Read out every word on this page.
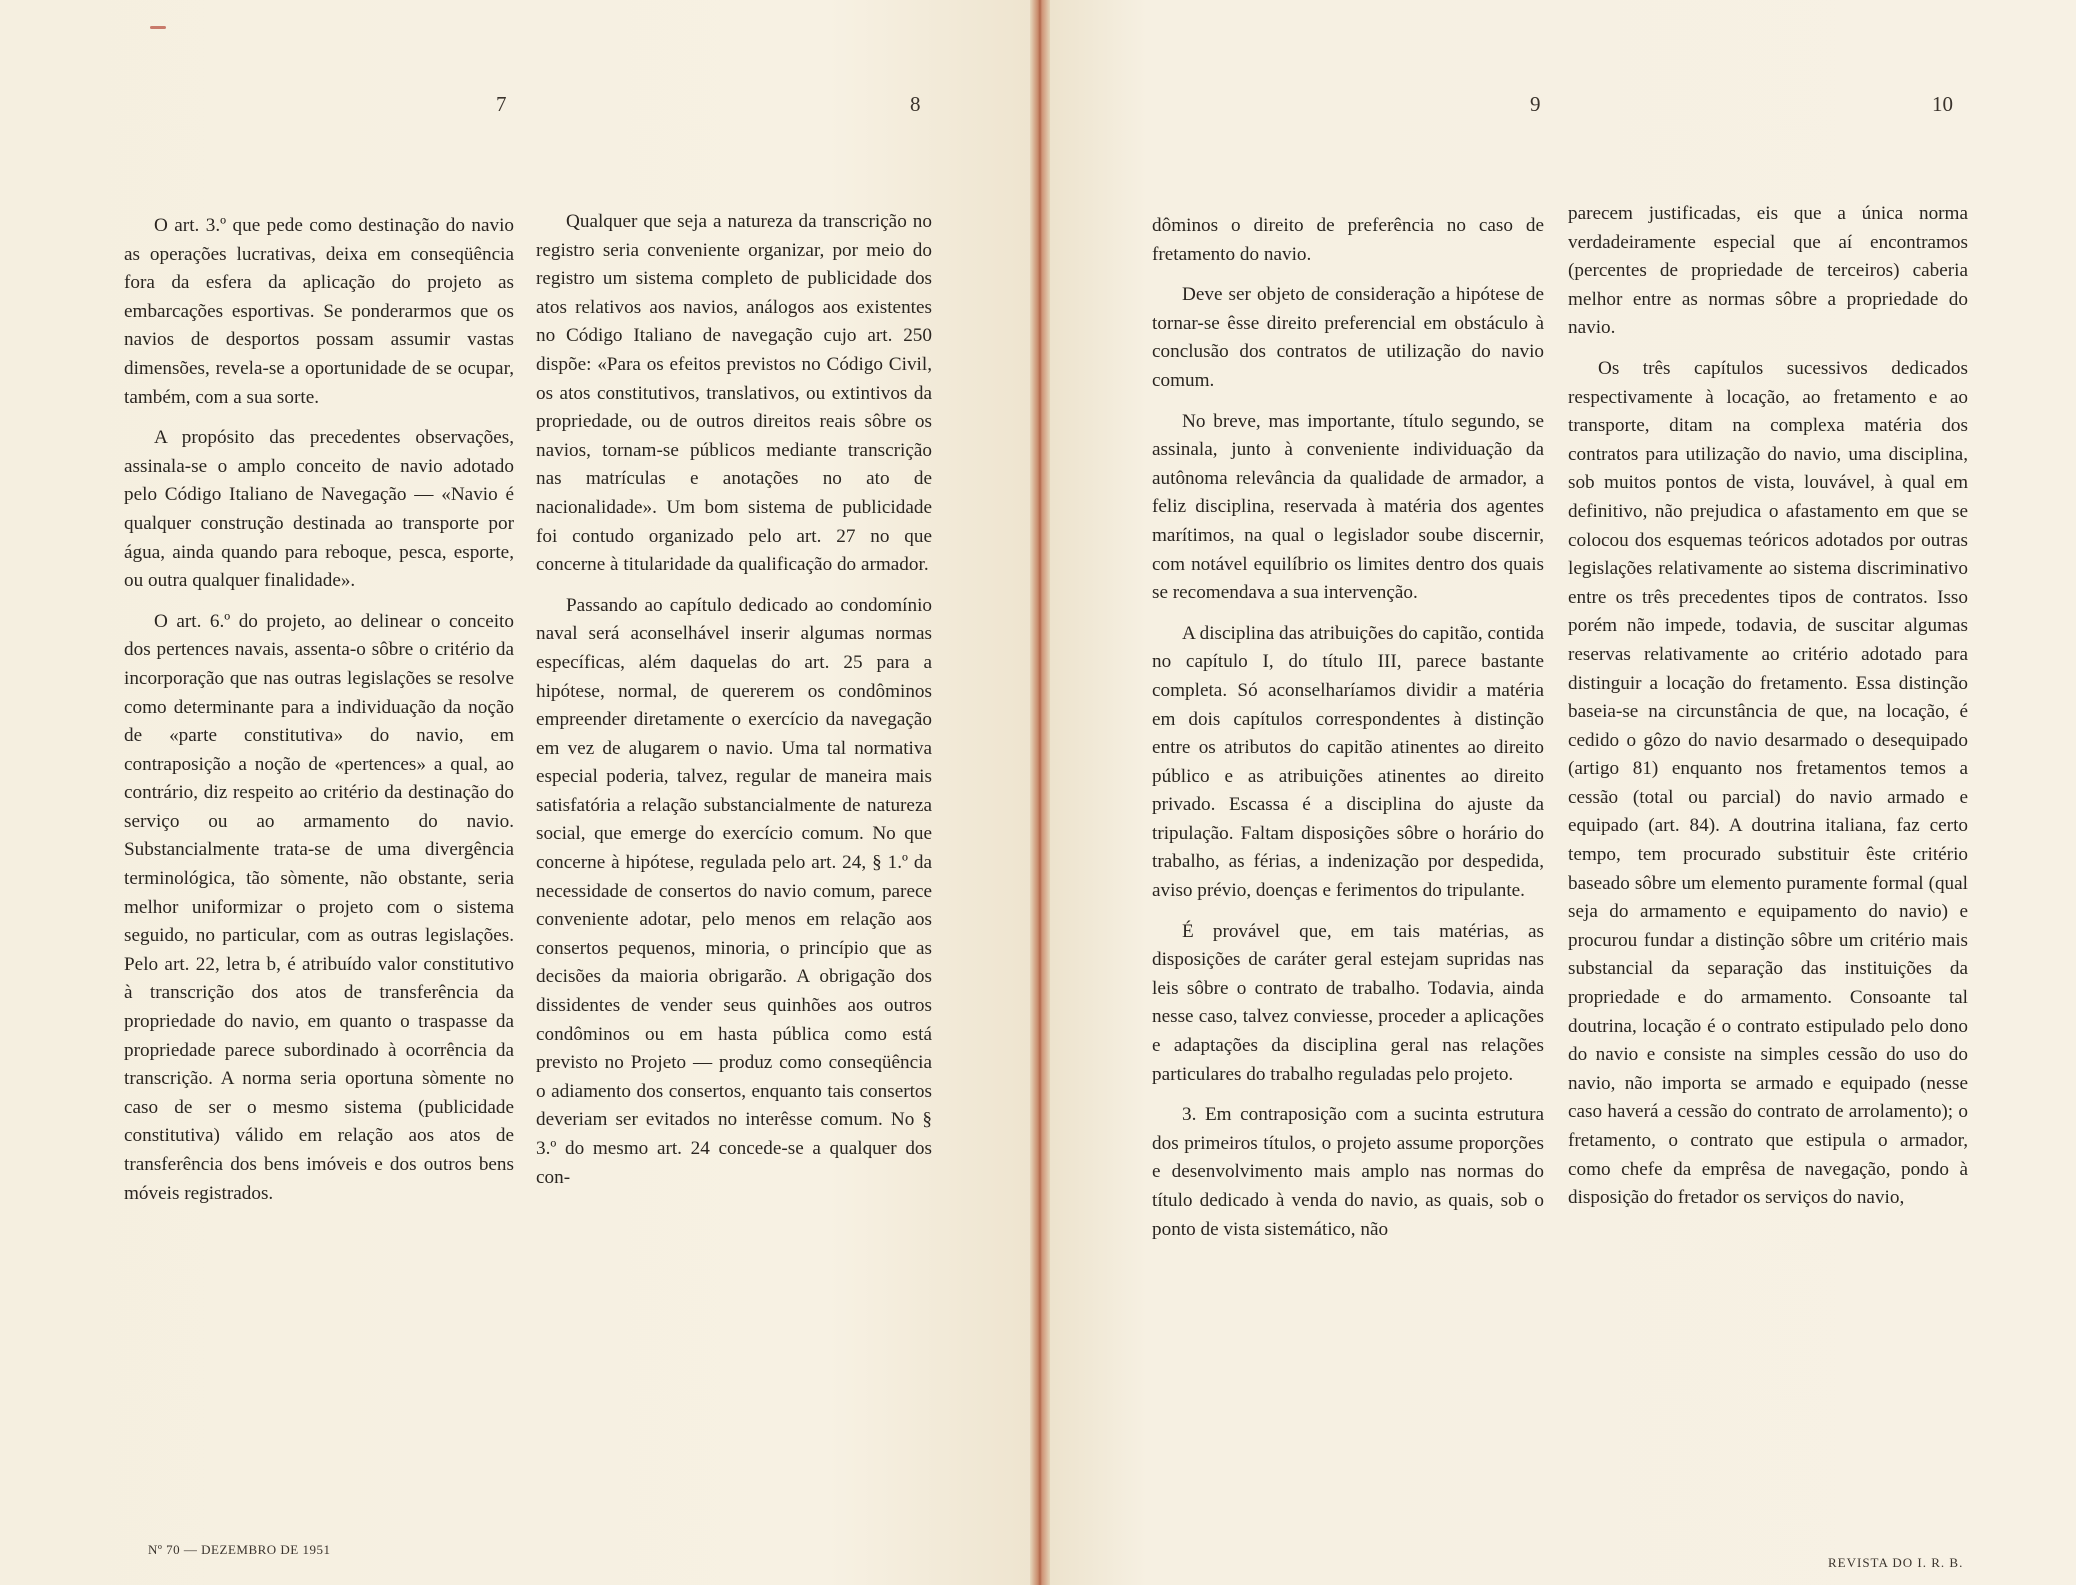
7	8	9	10

O art. 3.º que pede como destinação do navio as operações lucrativas, deixa em conseqüência fora da esfera da aplicação do projeto as embarcações esportivas. Se ponderarmos que os navios de desportos possam assumir vastas dimensões, revela-se a oportunidade de se ocupar, também, com a sua sorte.

A propósito das precedentes observações, assinala-se o amplo conceito de navio adotado pelo Código Italiano de Navegação — «Navio é qualquer construção destinada ao transporte por água, ainda quando para reboque, pesca, esporte, ou outra qualquer finalidade».

O art. 6.º do projeto, ao delinear o conceito dos pertences navais, assenta-o sôbre o critério da incorporação que nas outras legislações se resolve como determinante para a individuação da noção de «parte constitutiva» do navio, em contraposição a noção de «pertences» a qual, ao contrário, diz respeito ao critério da destinação do serviço ou ao armamento do navio. Substancialmente trata-se de uma divergência terminológica, tão sòmente, não obstante, seria melhor uniformizar o projeto com o sistema seguido, no particular, com as outras legislações. Pelo art. 22, letra b, é atribuído valor constitutivo à transcrição dos atos de transferência da propriedade do navio, em quanto o traspasse da propriedade parece subordinado à ocorrência da transcrição. A norma seria oportuna sòmente no caso de ser o mesmo sistema (publicidade constitutiva) válido em relação aos atos de transferência dos bens imóveis e dos outros bens móveis registrados.

Qualquer que seja a natureza da transcrição no registro seria conveniente organizar, por meio do registro um sistema completo de publicidade dos atos relativos aos navios, análogos aos existentes no Código Italiano de navegação cujo art. 250 dispõe: «Para os efeitos previstos no Código Civil, os atos constitutivos, translativos, ou extintivos da propriedade, ou de outros direitos reais sôbre os navios, tornam-se públicos mediante transcrição nas matrículas e anotações no ato de nacionalidade». Um bom sistema de publicidade foi contudo organizado pelo art. 27 no que concerne à titularidade da qualificação do armador.

Passando ao capítulo dedicado ao condomínio naval será aconselhável inserir algumas normas específicas, além daquelas do art. 25 para a hipótese, normal, de quererem os condôminos empreender diretamente o exercício da navegação em vez de alugarem o navio. Uma tal normativa especial poderia, talvez, regular de maneira mais satisfatória a relação substancialmente de natureza social, que emerge do exercício comum. No que concerne à hipótese, regulada pelo art. 24, § 1.º da necessidade de consertos do navio comum, parece conveniente adotar, pelo menos em relação aos consertos pequenos, minoria, o princípio que as decisões da maioria obrigarão. A obrigação dos dissidentes de vender seus quinhões aos outros condôminos ou em hasta pública como está previsto no Projeto — produz como conseqüência o adiamento dos consertos, enquanto tais consertos deveriam ser evitados no interêsse comum. No § 3.º do mesmo art. 24 concede-se a qualquer dos con-

dôminos o direito de preferência no caso de fretamento do navio.

Deve ser objeto de consideração a hipótese de tornar-se êsse direito preferencial em obstáculo à conclusão dos contratos de utilização do navio comum.

No breve, mas importante, título segundo, se assinala, junto à conveniente individuação da autônoma relevância da qualidade de armador, a feliz disciplina, reservada à matéria dos agentes marítimos, na qual o legislador soube discernir, com notável equilíbrio os limites dentro dos quais se recomendava a sua intervenção.

A disciplina das atribuições do capitão, contida no capítulo I, do título III, parece bastante completa. Só aconselharíamos dividir a matéria em dois capítulos correspondentes à distinção entre os atributos do capitão atinentes ao direito público e as atribuições atinentes ao direito privado. Escassa é a disciplina do ajuste da tripulação. Faltam disposições sôbre o horário do trabalho, as férias, a indenização por despedida, aviso prévio, doenças e ferimentos do tripulante.

É provável que, em tais matérias, as disposições de caráter geral estejam supridas nas leis sôbre o contrato de trabalho. Todavia, ainda nesse caso, talvez conviesse, proceder a aplicações e adaptações da disciplina geral nas relações particulares do trabalho reguladas pelo projeto.

3. Em contraposição com a sucinta estrutura dos primeiros títulos, o projeto assume proporções e desenvolvimento mais amplo nas normas do título dedicado à venda do navio, as quais, sob o ponto de vista sistemático, não

parecem justificadas, eis que a única norma verdadeiramente especial que aí encontramos (percentes de propriedade de terceiros) caberia melhor entre as normas sôbre a propriedade do navio.

Os três capítulos sucessivos dedicados respectivamente à locação, ao fretamento e ao transporte, ditam na complexa matéria dos contratos para utilização do navio, uma disciplina, sob muitos pontos de vista, louvável, à qual em definitivo, não prejudica o afastamento em que se colocou dos esquemas teóricos adotados por outras legislações relativamente ao sistema discriminativo entre os três precedentes tipos de contratos. Isso porém não impede, todavia, de suscitar algumas reservas relativamente ao critério adotado para distinguir a locação do fretamento. Essa distinção baseia-se na circunstância de que, na locação, é cedido o gôzo do navio desarmado o desequipado (artigo 81) enquanto nos fretamentos temos a cessão (total ou parcial) do navio armado e equipado (art. 84). A doutrina italiana, faz certo tempo, tem procurado substituir êste critério baseado sôbre um elemento puramente formal (qual seja do armamento e equipamento do navio) e procurou fundar a distinção sôbre um critério mais substancial da separação das instituições da propriedade e do armamento. Consoante tal doutrina, locação é o contrato estipulado pelo dono do navio e consiste na simples cessão do uso do navio, não importa se armado e equipado (nesse caso haverá a cessão do contrato de arrolamento); o fretamento, o contrato que estipula o armador, como chefe da emprêsa de navegação, pondo à disposição do fretador os serviços do navio,

Nº 70 — DEZEMBRO DE 1951
REVISTA DO I. R. B.
